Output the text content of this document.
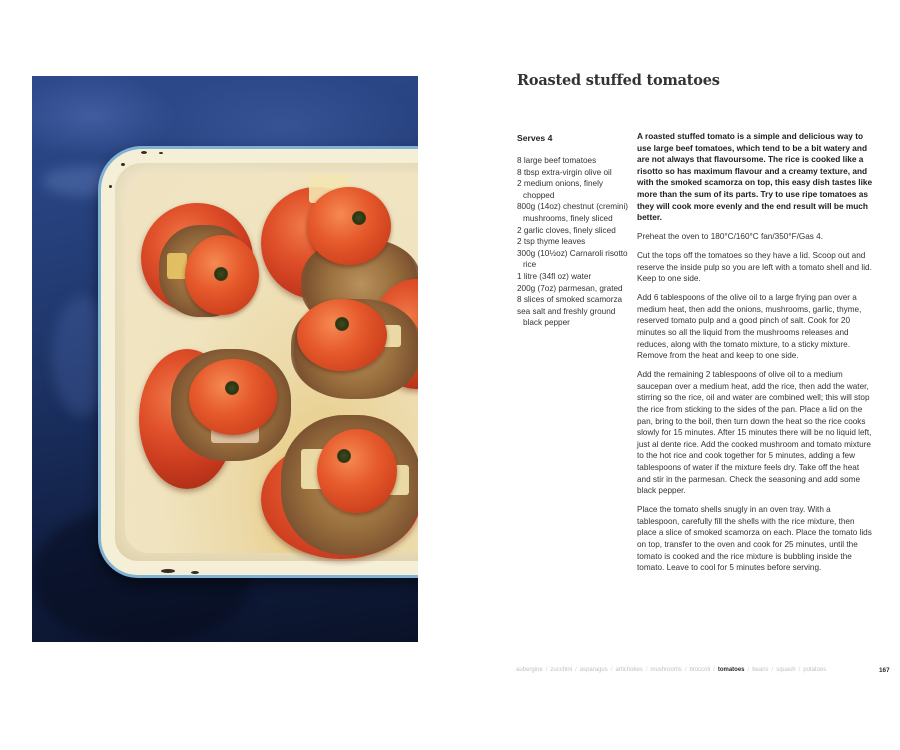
Roasted stuffed tomatoes
Serves 4
8 large beef tomatoes
8 tbsp extra-virgin olive oil
2 medium onions, finely chopped
800g (14oz) chestnut (cremini) mushrooms, finely sliced
2 garlic cloves, finely sliced
2 tsp thyme leaves
300g (10½oz) Carnaroli risotto rice
1 litre (34fl oz) water
200g (7oz) parmesan, grated
8 slices of smoked scamorza
sea salt and freshly ground black pepper

A roasted stuffed tomato is a simple and delicious way to use large beef tomatoes, which tend to be a bit watery and are not always that flavoursome. The rice is cooked like a risotto so has maximum flavour and a creamy texture, and with the smoked scamorza on top, this easy dish tastes like more than the sum of its parts. Try to use ripe tomatoes as they will cook more evenly and the end result will be much better.

Preheat the oven to 180°C/160°C fan/350°F/Gas 4.

Cut the tops off the tomatoes so they have a lid. Scoop out and reserve the inside pulp so you are left with a tomato shell and lid. Keep to one side.

Add 6 tablespoons of the olive oil to a large frying pan over a medium heat, then add the onions, mushrooms, garlic, thyme, reserved tomato pulp and a good pinch of salt. Cook for 20 minutes so all the liquid from the mushrooms releases and reduces, along with the tomato mixture, to a sticky mixture. Remove from the heat and keep to one side.

Add the remaining 2 tablespoons of olive oil to a medium saucepan over a medium heat, add the rice, then add the water, stirring so the rice, oil and water are combined well; this will stop the rice from sticking to the sides of the pan. Place a lid on the pan, bring to the boil, then turn down the heat so the rice cooks slowly for 15 minutes. After 15 minutes there will be no liquid left, just al dente rice. Add the cooked mushroom and tomato mixture to the hot rice and cook together for 5 minutes, adding a few tablespoons of water if the mixture feels dry. Take off the heat and stir in the parmesan. Check the seasoning and add some black pepper.

Place the tomato shells snugly in an oven tray. With a tablespoon, carefully fill the shells with the rice mixture, then place a slice of smoked scamorza on each. Place the tomato lids on top, transfer to the oven and cook for 25 minutes, until the tomato is cooked and the rice mixture is bubbling inside the tomato. Leave to cool for 5 minutes before serving.

aubergine / zucchini / asparagus / artichokes / mushrooms / broccoli / tomatoes / beans / squash / potatoes	167
